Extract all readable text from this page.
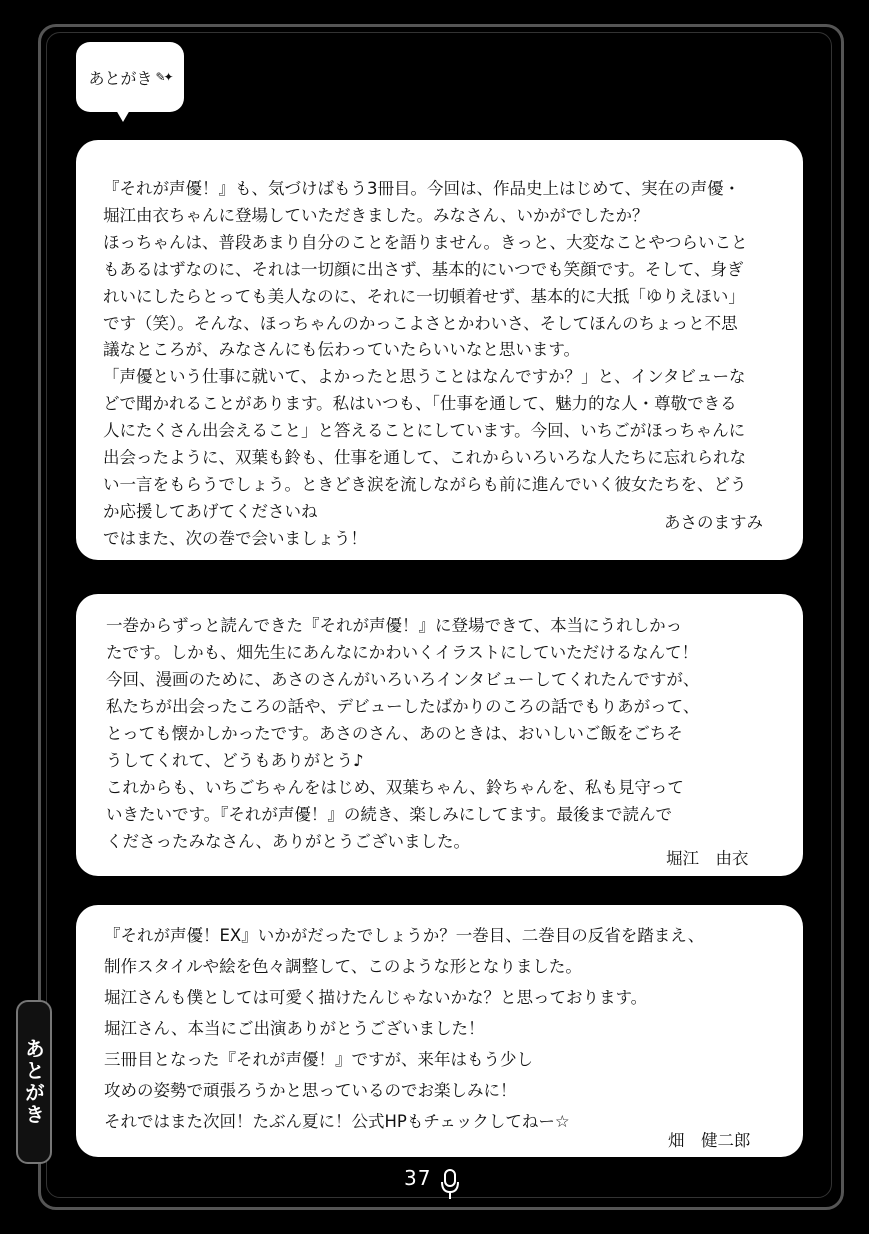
あとがき ✎✦

『それが声優！』も、気づけばもう3冊目。今回は、作品史上はじめて、実在の声優・

堀江由衣ちゃんに登場していただきました。みなさん、いかがでしたか？

ほっちゃんは、普段あまり自分のことを語りません。きっと、大変なことやつらいこと

もあるはずなのに、それは一切顔に出さず、基本的にいつでも笑顔です。そして、身ぎ

れいにしたらとっても美人なのに、それに一切頓着せず、基本的に大抵「ゆりえほい」

です（笑）。そんな、ほっちゃんのかっこよさとかわいさ、そしてほんのちょっと不思

議なところが、みなさんにも伝わっていたらいいなと思います。

「声優という仕事に就いて、よかったと思うことはなんですか？」と、インタビューな

どで聞かれることがあります。私はいつも、「仕事を通して、魅力的な人・尊敬できる

人にたくさん出会えること」と答えることにしています。今回、いちごがほっちゃんに

出会ったように、双葉も鈴も、仕事を通して、これからいろいろな人たちに忘れられな

い一言をもらうでしょう。ときどき涙を流しながらも前に進んでいく彼女たちを、どう

か応援してあげてくださいね

ではまた、次の巻で会いましょう！

あさのますみ

一巻からずっと読んできた『それが声優！』に登場できて、本当にうれしかっ

たです。しかも、畑先生にあんなにかわいくイラストにしていただけるなんて！

今回、漫画のために、あさのさんがいろいろインタビューしてくれたんですが、

私たちが出会ったころの話や、デビューしたばかりのころの話でもりあがって、

とっても懐かしかったです。あさのさん、あのときは、おいしいご飯をごちそ

うしてくれて、どうもありがとう♪

これからも、いちごちゃんをはじめ、双葉ちゃん、鈴ちゃんを、私も見守って

いきたいです。『それが声優！』の続き、楽しみにしてます。最後まで読んで

くださったみなさん、ありがとうございました。

堀江　由衣

『それが声優！EX』いかがだったでしょうか？一巻目、二巻目の反省を踏まえ、

制作スタイルや絵を色々調整して、このような形となりました。

堀江さんも僕としては可愛く描けたんじゃないかな？と思っております。

堀江さん、本当にご出演ありがとうございました！

三冊目となった『それが声優！』ですが、来年はもう少し

攻めの姿勢で頑張ろうかと思っているのでお楽しみに！

それではまた次回！たぶん夏に！公式HPもチェックしてねー☆

畑　健二郎
あとがき
37
